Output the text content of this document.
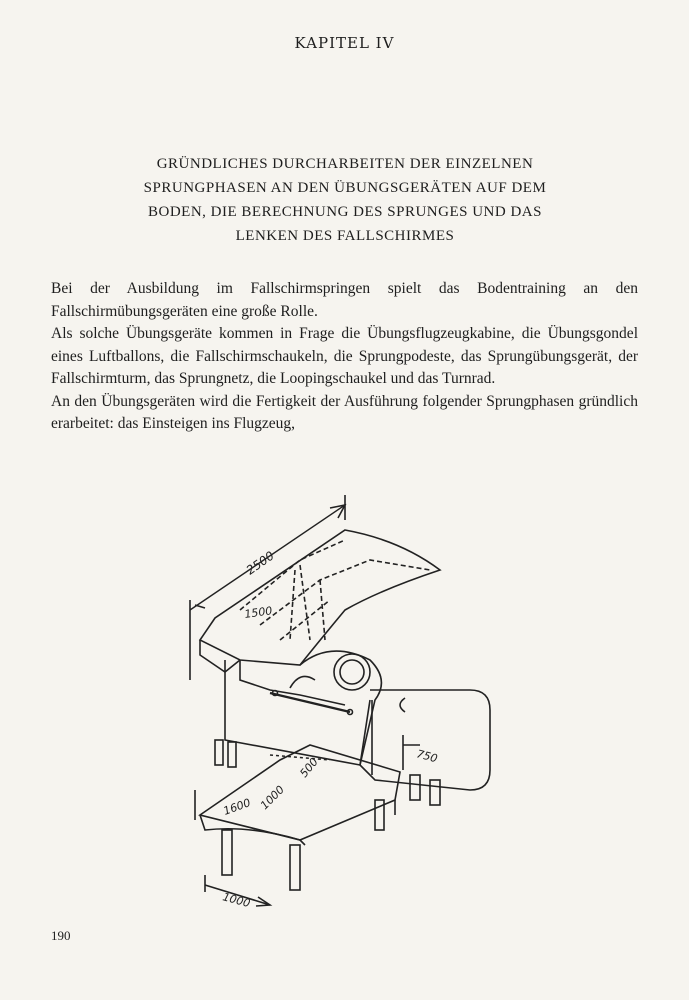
KAPITEL IV
GRÜNDLICHES DURCHARBEITEN DER EINZELNEN
SPRUNGPHASEN AN DEN ÜBUNGSGERÄTEN AUF DEM
BODEN, DIE BERECHNUNG DES SPRUNGES UND DAS
LENKEN DES FALLSCHIRMES

Bei der Ausbildung im Fallschirmspringen spielt das Bodentraining an den Fallschirmübungsgeräten eine große Rolle.

Als solche Übungsgeräte kommen in Frage die Übungsflugzeugkabine, die Übungsgondel eines Luftballons, die Fallschirmschaukeln, die Sprungpodeste, das Sprungübungsgerät, der Fallschirmturm, das Sprungnetz, die Loopingschaukel und das Turnrad.

An den Übungsgeräten wird die Fertigkeit der Ausführung folgender Sprungphasen gründlich erarbeitet: das Einsteigen ins Flugzeug,

2500
1500
750
1600 1000
500
1000
190
